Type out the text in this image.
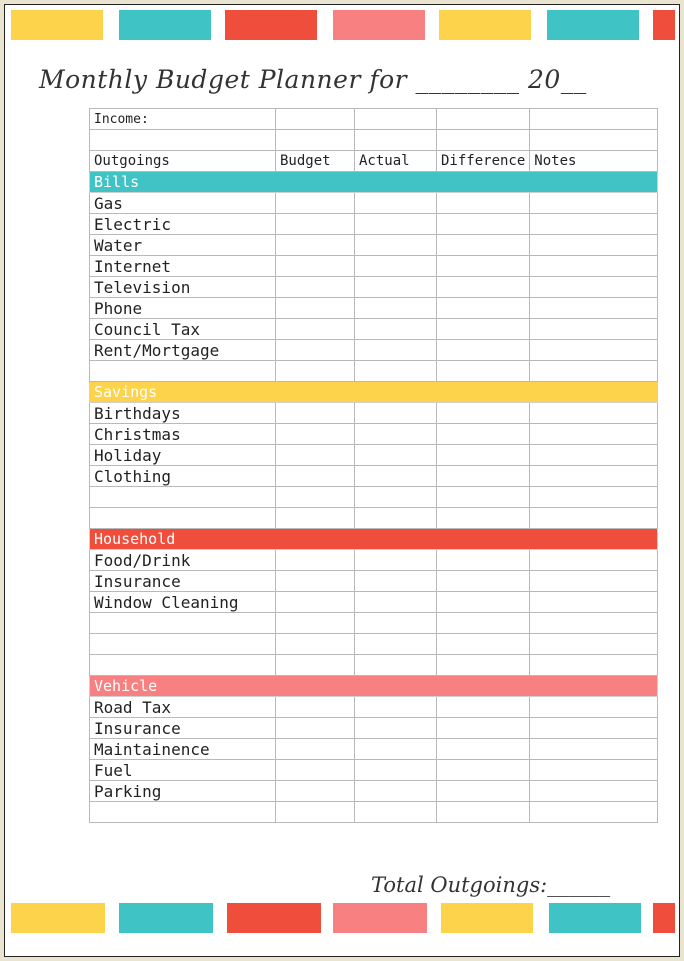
Monthly Budget Planner for ________ 20__
Income:				

Outgoings	Budget	Actual	Difference	Notes
Bills				
Gas				
Electric				
Water				
Internet				
Television				
Phone				
Council Tax				
Rent/Mortgage				

Savings				
Birthdays				
Christmas				
Holiday				
Clothing				

Household				
Food/Drink				
Insurance				
Window Cleaning				

Vehicle				
Road Tax				
Insurance				
Maintainence				
Fuel				
Parking				

Total Outgoings:______
